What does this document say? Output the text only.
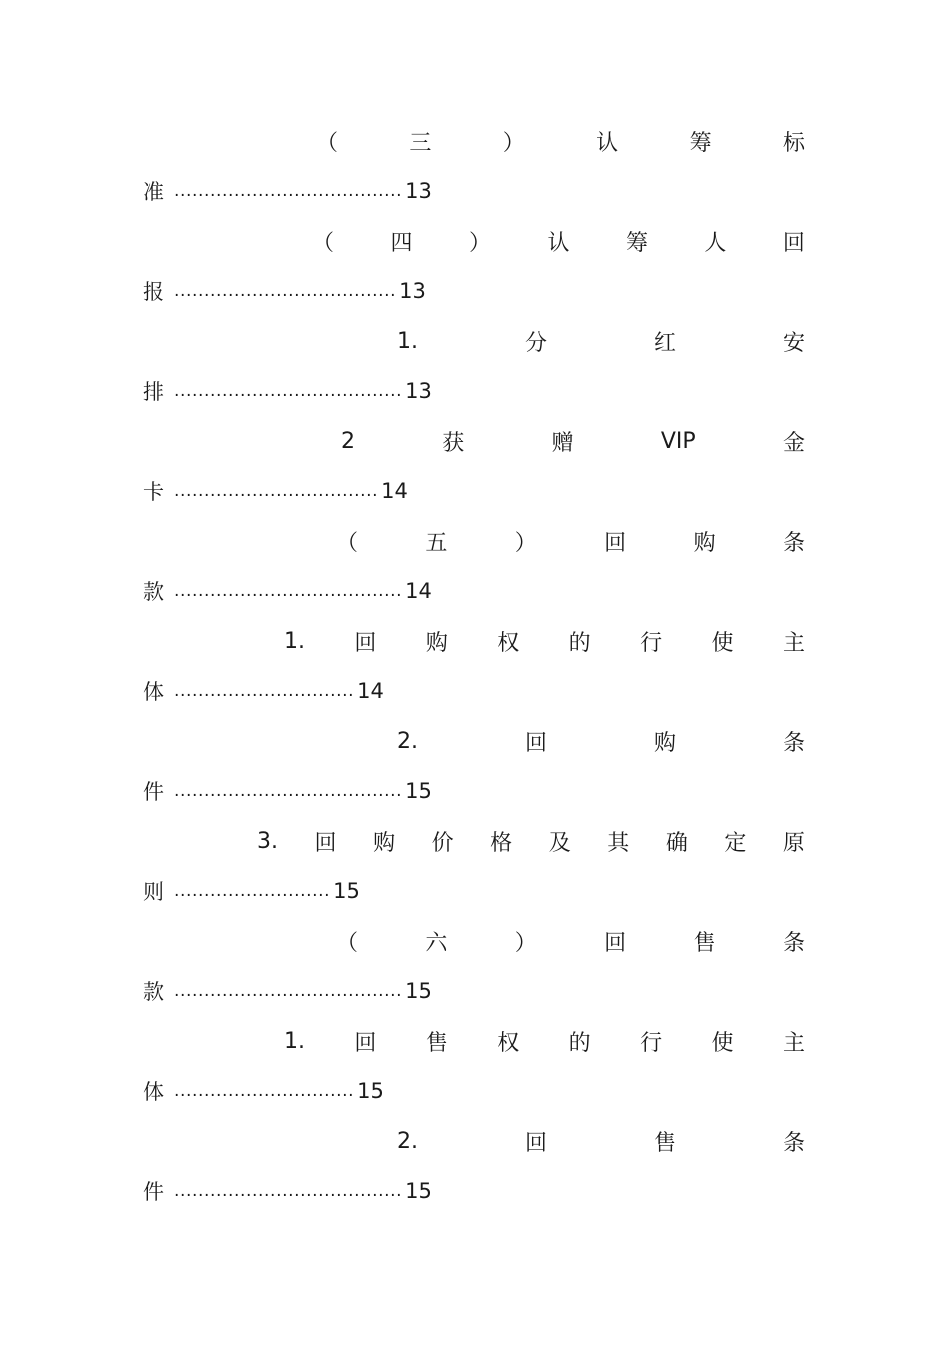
（	三	）	认	筹	标
准 ...................................... 13
（	四	）	认	筹	人	回
报 ..................................... 13
1.	分	红	安
排 ...................................... 13
2	获	赠	VIP	金
卡 .................................. 14
（	五	）	回	购	条
款 ...................................... 14
1. 回 购 权 的 行 使 主
体 .............................. 14
2.	回	购	条
件 ...................................... 15
3. 回 购 价 格 及 其 确 定 原
则 .......................... 15
（	六	）	回	售	条
款 ...................................... 15
1. 回 售 权 的 行 使 主
体 .............................. 15
2.	回	售	条
件 ...................................... 15
